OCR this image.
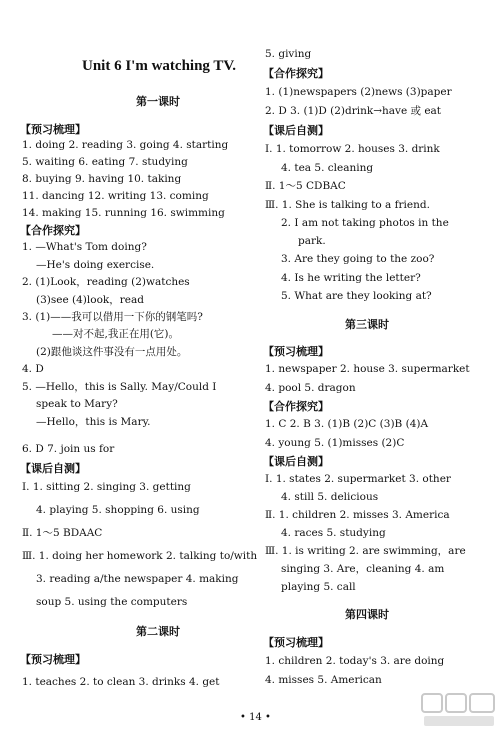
Unit 6 I'm watching TV.
第一课时
【预习梳理】
1. doing 2. reading 3. going 4. starting
5. waiting 6. eating 7. studying
8. buying 9. having 10. taking
11. dancing 12. writing 13. coming
14. making 15. running 16. swimming
【合作探究】
1. —What's Tom doing?
—He's doing exercise.
2. (1)Look，reading (2)watches
(3)see (4)look，read
3. (1)——我可以借用一下你的钢笔吗?
——对不起,我正在用(它)。
(2)跟他谈这件事没有一点用处。
4. D
5. —Hello，this is Sally. May/Could I
speak to Mary?
—Hello，this is Mary.
6. D 7. join us for
【课后自测】
Ⅰ. 1. sitting 2. singing 3. getting
4. playing 5. shopping 6. using
Ⅱ. 1～5 BDAAC
Ⅲ. 1. doing her homework 2. talking to/with
3. reading a/the newspaper 4. making
soup 5. using the computers
第二课时
【预习梳理】
1. teaches 2. to clean 3. drinks 4. get
5. giving
【合作探究】
1. (1)newspapers (2)news (3)paper
2. D 3. (1)D (2)drink→have 或 eat
【课后自测】
Ⅰ. 1. tomorrow 2. houses 3. drink
4. tea 5. cleaning
Ⅱ. 1～5 CDBAC
Ⅲ. 1. She is talking to a friend.
2. I am not taking photos in the
park.
3. Are they going to the zoo?
4. Is he writing the letter?
5. What are they looking at?
第三课时
【预习梳理】
1. newspaper 2. house 3. supermarket
4. pool 5. dragon
【合作探究】
1. C 2. B 3. (1)B (2)C (3)B (4)A
4. young 5. (1)misses (2)C
【课后自测】
Ⅰ. 1. states 2. supermarket 3. other
4. still 5. delicious
Ⅱ. 1. children 2. misses 3. America
4. races 5. studying
Ⅲ. 1. is writing 2. are swimming，are
singing 3. Are，cleaning 4. am
playing 5. call
第四课时
【预习梳理】
1. children 2. today's 3. are doing
4. misses 5. American
• 14 •
